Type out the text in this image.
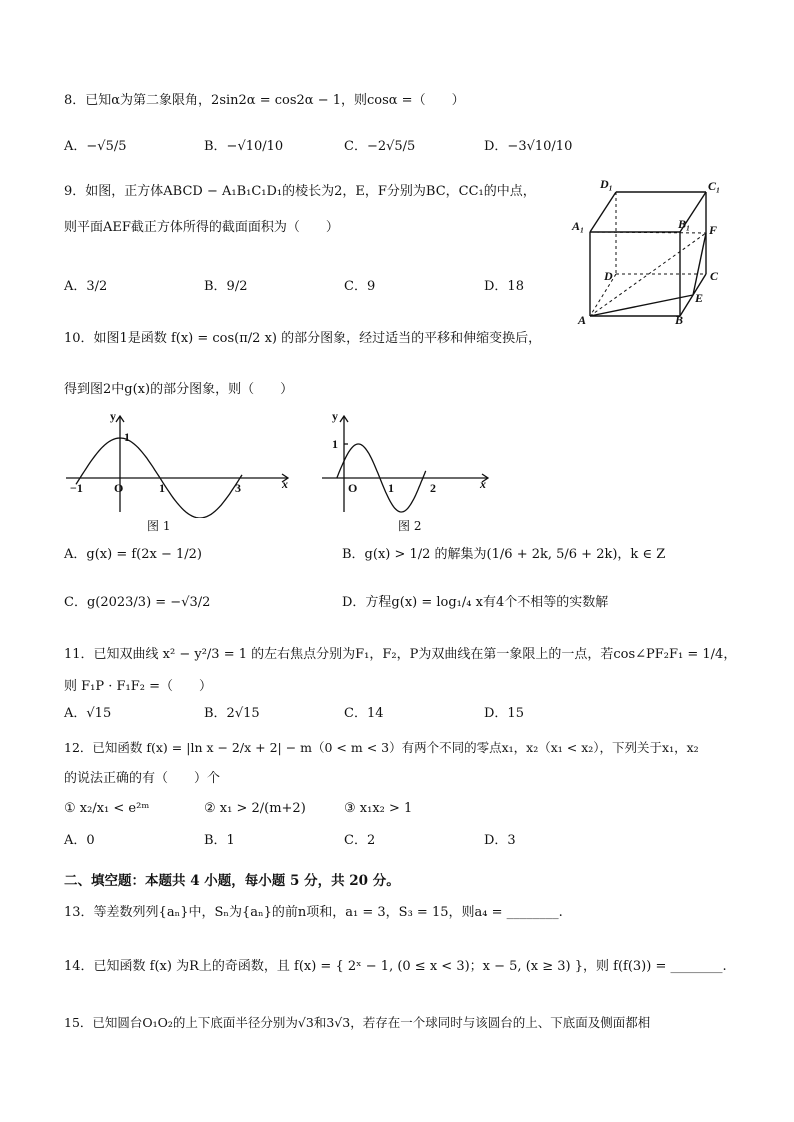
8．已知α为第二象限角，2sin2α = cos2α − 1，则cosα =（　　）
A．−√5/5	B．−√10/10	C．−2√5/5	D．−3√10/10
9．如图，正方体ABCD − A₁B₁C₁D₁的棱长为2，E，F分别为BC，CC₁的中点，
则平面AEF截正方体所得的截面面积为（　　）
A．3/2	B．9/2	C．9	D．18
D₁	C₁
A₁	B₁ F
D	C
E
A	B
10．如图1是函数 f(x) = cos(π/2 x) 的部分图象，经过适当的平移和伸缩变换后，
得到图2中g(x)的部分图象，则（　　）
y
x
1
O
−1	1	3
图 1
y
x
1
O	1	2
图 2
A．g(x) = f(2x − 1/2)	B．g(x) > 1/2 的解集为(1/6 + 2k, 5/6 + 2k)，k ∈ Z
C．g(2023/3) = −√3/2	D．方程g(x) = log₁/₄ x有4个不相等的实数解
11．已知双曲线 x² − y²/3 = 1 的左右焦点分别为F₁，F₂，P为双曲线在第一象限上的一点，若cos∠PF₂F₁ = 1/4，
则 F₁P · F₁F₂ =（　　）
A．√15	B．2√15	C．14	D．15
12．已知函数 f(x) = |ln x − 2/x + 2| − m（0 < m < 3）有两个不同的零点x₁，x₂（x₁ < x₂），下列关于x₁，x₂
的说法正确的有（　　）个
① x₂/x₁ < e²ᵐ	② x₁ > 2/(m+2)	③ x₁x₂ > 1
A．0	B．1	C．2	D．3
二、填空题：本题共 4 小题，每小题 5 分，共 20 分。
13．等差数列列{aₙ}中，Sₙ为{aₙ}的前n项和，a₁ = 3，S₃ = 15，则a₄ = ________.
14．已知函数 f(x) 为R上的奇函数，且 f(x) = { 2ˣ − 1, (0 ≤ x < 3)；x − 5, (x ≥ 3) }，则 f(f(3)) = ________.
15．已知圆台O₁O₂的上下底面半径分别为√3和3√3，若存在一个球同时与该圆台的上、下底面及侧面都相
